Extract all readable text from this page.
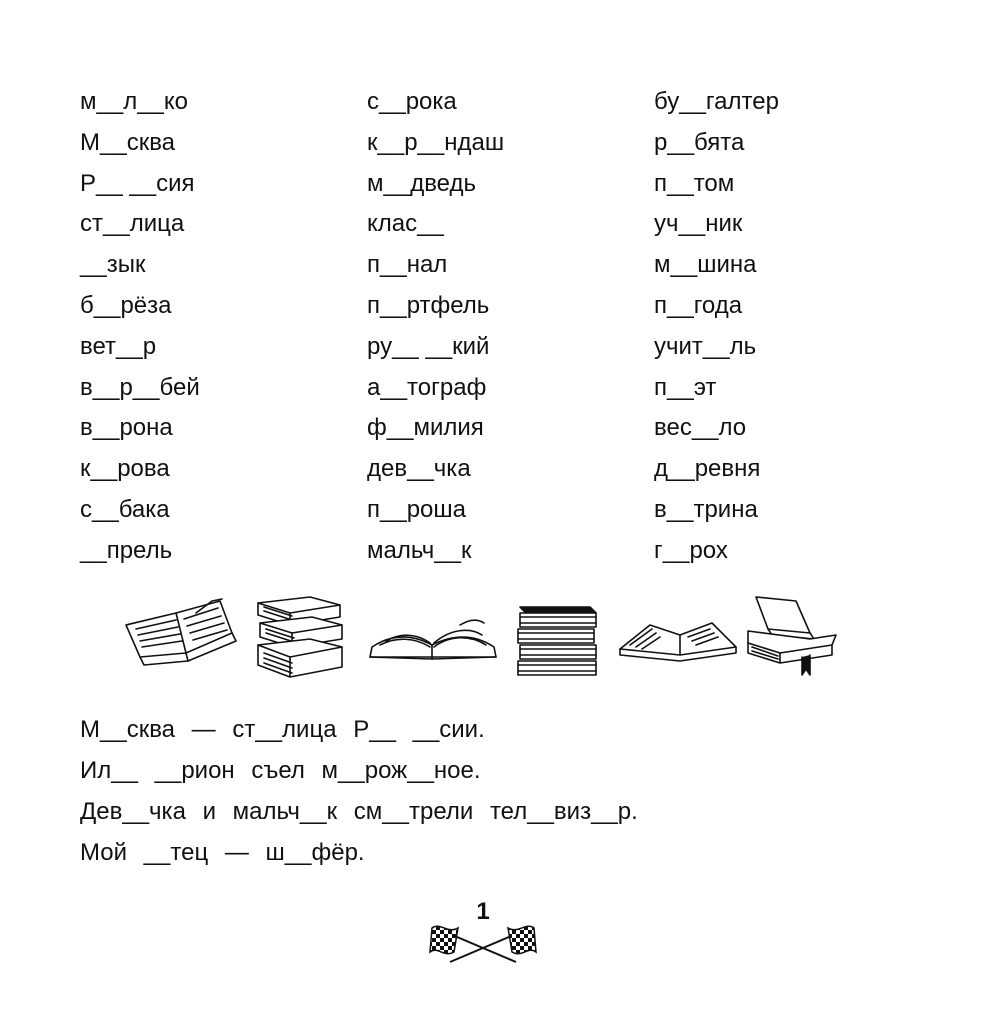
м__л__ко
М__сква
Р__ __сия
ст__лица
__зык
б__рёза
вет__р
в__р__бей
в__рона
к__рова
с__бака
__прель
с__рока
к__р__ндаш
м__дведь
клас__
п__нал
п__ртфель
ру__ __кий
а__тограф
ф__милия
дев__чка
п__роша
мальч__к
бу__галтер
р__бята
п__том
уч__ник
м__шина
п__года
учит__ль
п__эт
вес__ло
д__ревня
в__трина
г__рох
М__сква — ст__лица Р__ __сии.
Ил__ __рион съел м__рож__ное.
Дев__чка и мальч__к см__трели тел__виз__р.
Мой __тец — ш__фёр.
1
